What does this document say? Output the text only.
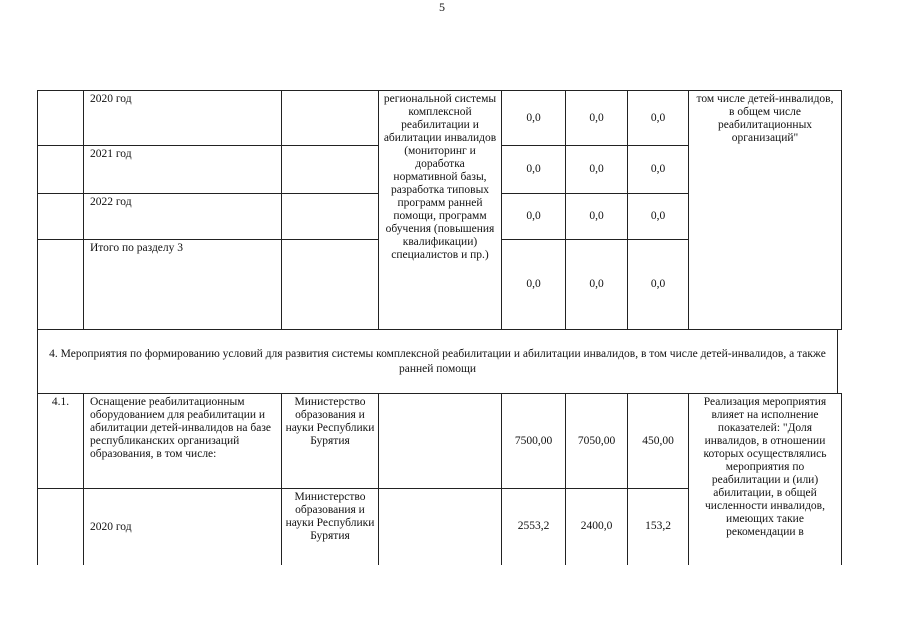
5
	2020 год		региональной системы комплексной реабилитации и абилитации инвалидов (мониторинг и доработка нормативной базы, разработка типовых программ ранней помощи, программ обучения (повышения квалификации) специалистов и пр.)	0,0	0,0	0,0	том числе детей-инвалидов, в общем числе реабилитационных организаций"
	2021 год			0,0	0,0	0,0	
	2022 год			0,0	0,0	0,0	
	Итого по разделу 3			0,0	0,0	0,0	
4. Мероприятия по формированию условий для развития системы комплексной реабилитации и абилитации инвалидов, в том числе детей-инвалидов, а также ранней помощи
4.1.	Оснащение реабилитационным оборудованием для реабилитации и абилитации детей-инвалидов на базе республиканских организаций образования, в том числе:	Министерство образования и науки Республики Бурятия		7500,00	7050,00	450,00	Реализация мероприятия влияет на исполнение показателей: "Доля инвалидов, в отношении которых осуществлялись мероприятия по реабилитации и (или) абилитации, в общей численности инвалидов, имеющих такие рекомендации в
	2020 год	Министерство образования и науки Республики Бурятия		2553,2	2400,0	153,2	
